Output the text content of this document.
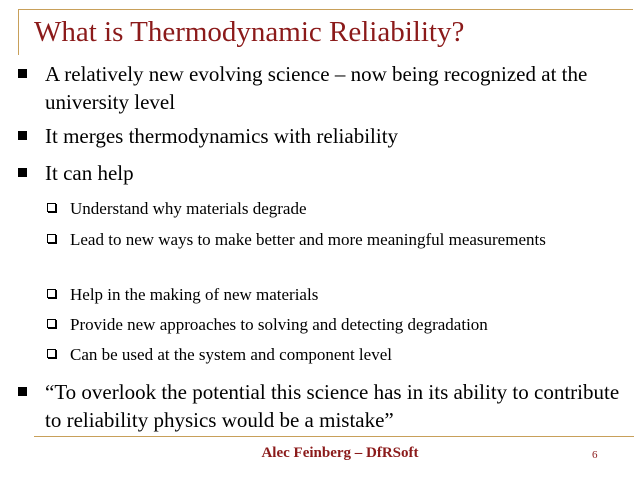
What is Thermodynamic Reliability?
A relatively new evolving science – now being recognized at the university level
It merges thermodynamics with reliability
It can help
Understand why materials degrade
Lead to new ways to make better and more meaningful measurements
Help in the making of new materials
Provide new approaches to solving and detecting degradation
Can be used at the system and component level
“To overlook the potential this science has in its ability to contribute to reliability physics would be a mistake”
Alec Feinberg – DfRSoft	6
